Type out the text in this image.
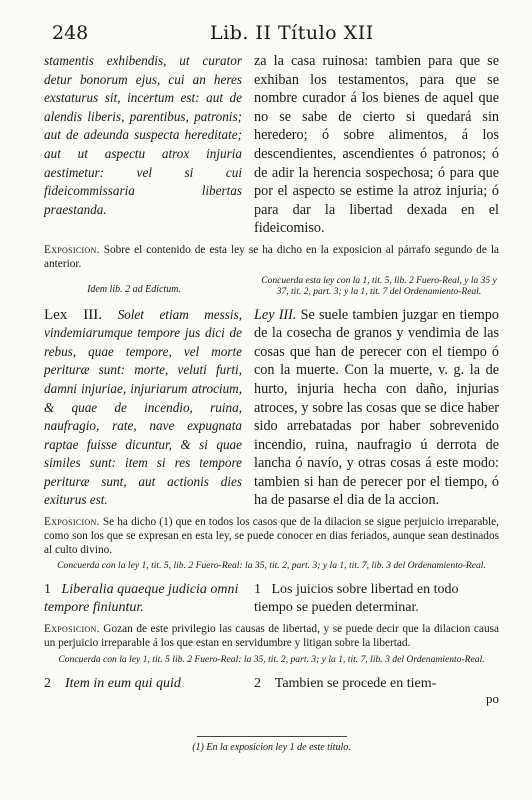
248	Lib. II Título XII

stamentis exhibendis, ut curator detur bonorum ejus, cui an heres exstaturus sit, incertum est: aut de alendis liberis, parentibus, patronis; aut de adeunda suspecta hereditate; aut ut aspectu atrox injuria aestimetur: vel si cui fideicommissaria libertas praestanda.

za la casa ruinosa: tambien para que se exhiban los testamentos, para que se nombre curador á los bienes de aquel que no se sabe de cierto si quedará sin heredero; ó sobre alimentos, á los descendientes, ascendientes ó patronos; ó de adir la herencia sospechosa; ó para que por el aspecto se estime la atroz injuria; ó para dar la libertad dexada en el fideicomiso.

Exposicion. Sobre el contenido de esta ley se ha dicho en la exposicion al párrafo segundo de la anterior.

Idem lib. 2 ad Edictum.
Concuerda esta ley con la 1, tit. 5, lib. 2 Fuero-Real, y la 35 y 37, tit. 2, part. 3; y la 1, tit. 7 del Ordenamiento-Real.

Lex III. Solet etiam messis, vindemiarumque tempore jus dici de rebus, quae tempore, vel morte perituræ sunt: morte, veluti furti, damni injuriae, injuriarum atrocium, & quae de incendio, ruina, naufragio, rate, nave expugnata raptae fuisse dicuntur, & si quae similes sunt: item si res tempore perituræ sunt, aut actionis dies exiturus est.

Ley III. Se suele tambien juzgar en tiempo de la cosecha de granos y vendimia de las cosas que han de perecer con el tiempo ó con la muerte. Con la muerte, v. g. la de hurto, injuria hecha con daño, injurias atroces, y sobre las cosas que se dice haber sido arrebatadas por haber sobrevenido incendio, ruina, naufragio ú derrota de lancha ó navío, y otras cosas á este modo: tambien si han de perecer por el tiempo, ó ha de pasarse el dia de la accion.

Exposicion. Se ha dicho (1) que en todos los casos que de la dilacion se sigue perjuicio irreparable, como son los que se expresan en esta ley, se puede conocer en dias feriados, aunque sean destinados al culto divino.

Concuerda con la ley 1, tit. 5, lib. 2 Fuero-Real: la 35, tit. 2, part. 3; y la 1, tit. 7, lib. 3 del Ordenamiento-Real.

1 Liberalia quaeque judicia omni tempore finiuntur.

1 Los juicios sobre libertad en todo tiempo se pueden determinar.

Exposicion. Gozan de este privilegio las causas de libertad, y se puede decir que la dilacion causa un perjuicio irreparable á los que estan en servidumbre y litigan sobre la libertad.

Concuerda con la ley 1, tit. 5 lib. 2 Fuero-Real: la 35, tit. 2, part. 3; y la 1, tit. 7, lib. 3 del Ordenamiento-Real.

2 Item in eum qui quid	2 Tambien se procede en tiem-

po

(1) En la exposicion ley 1 de este título.
